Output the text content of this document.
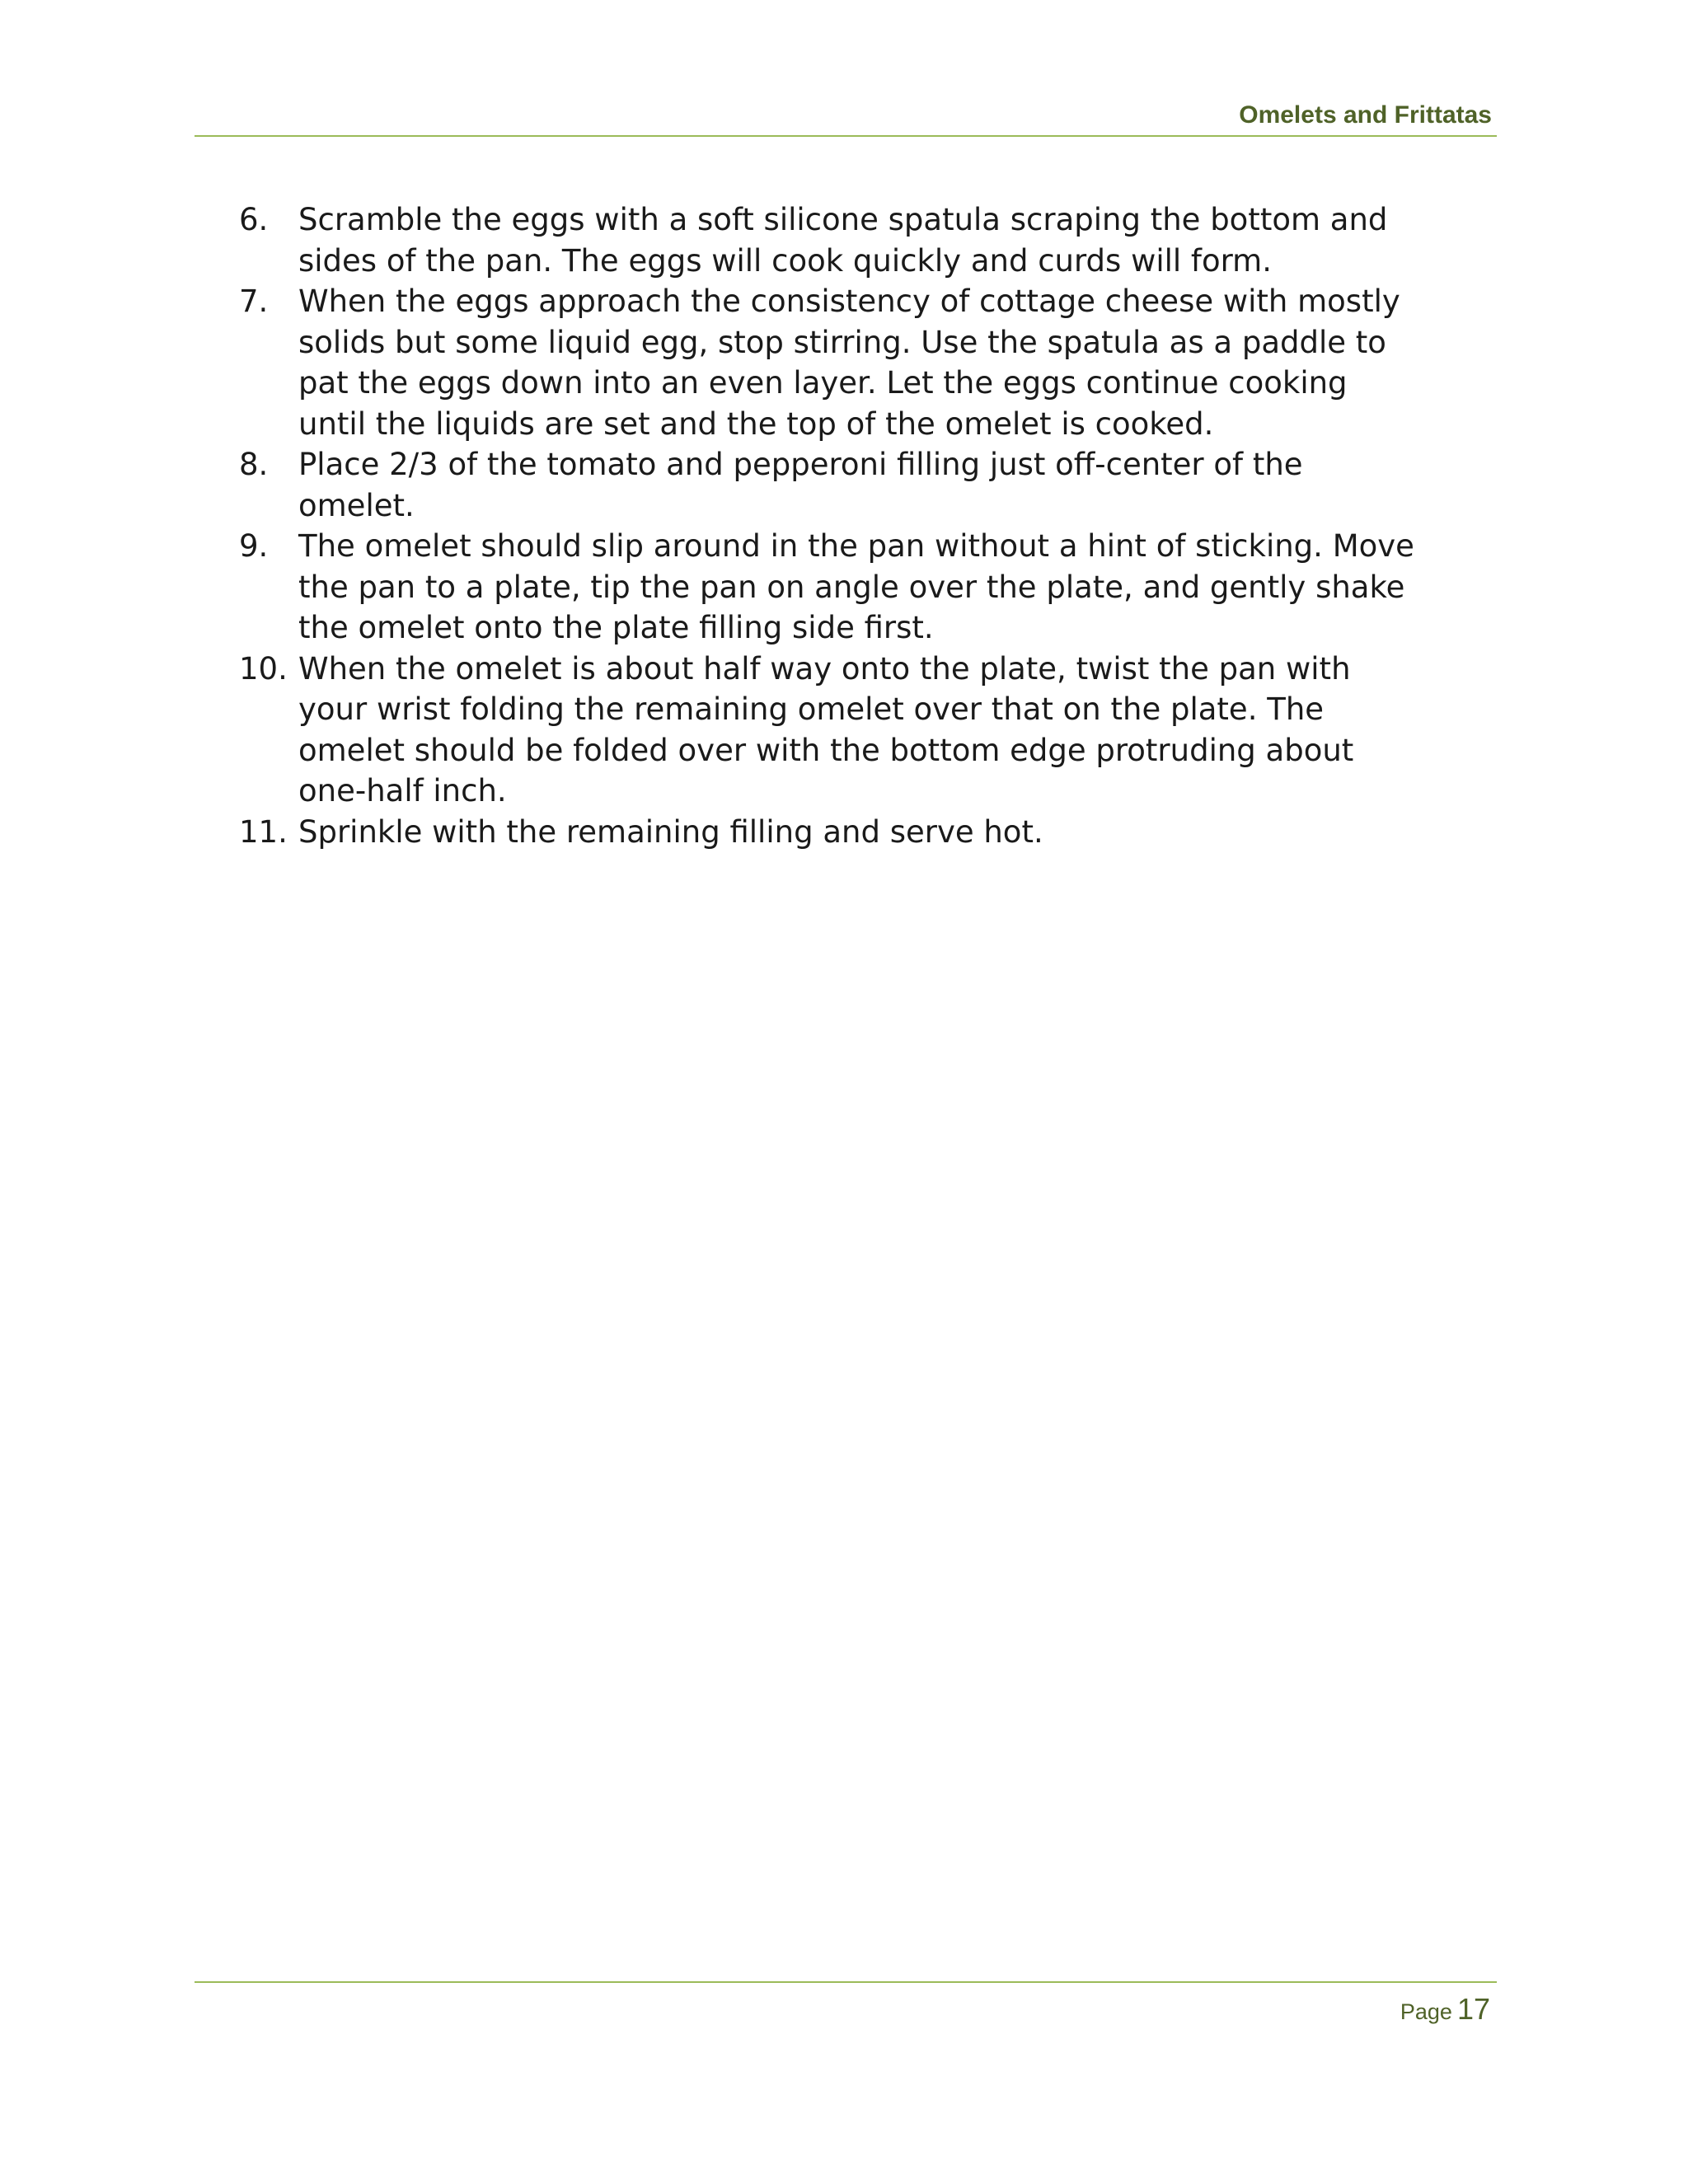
Omelets and Frittatas
6. Scramble the eggs with a soft silicone spatula scraping the bottom and sides of the pan. The eggs will cook quickly and curds will form.
7. When the eggs approach the consistency of cottage cheese with mostly solids but some liquid egg, stop stirring. Use the spatula as a paddle to pat the eggs down into an even layer. Let the eggs continue cooking until the liquids are set and the top of the omelet is cooked.
8. Place 2/3 of the tomato and pepperoni filling just off-center of the omelet.
9. The omelet should slip around in the pan without a hint of sticking. Move the pan to a plate, tip the pan on angle over the plate, and gently shake the omelet onto the plate filling side first.
10. When the omelet is about half way onto the plate, twist the pan with your wrist folding the remaining omelet over that on the plate. The omelet should be folded over with the bottom edge protruding about one-half inch.
11. Sprinkle with the remaining filling and serve hot.
Page 17
